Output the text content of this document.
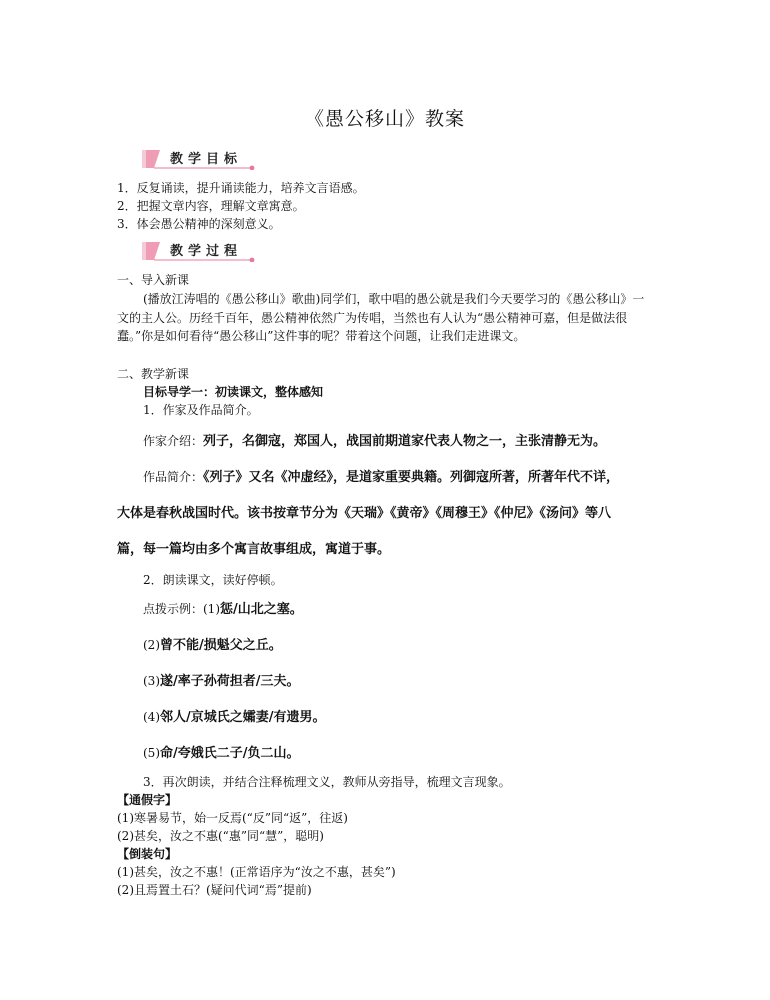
《愚公移山》教案
教学目标
1．反复诵读，提升诵读能力，培养文言语感。
2．把握文章内容，理解文章寓意。
3．体会愚公精神的深刻意义。
教学过程
一、导入新课
(播放江涛唱的《愚公移山》歌曲)同学们，歌中唱的愚公就是我们今天要学习的《愚公移山》一文的主人公。历经千百年，愚公精神依然广为传唱，当然也有人认为“愚公精神可嘉，但是做法很蠢。”你是如何看待“愚公移山”这件事的呢？带着这个问题，让我们走进课文。
二、教学新课
目标导学一：初读课文，整体感知
1．作家及作品简介。
作家介绍：列子，名御寇，郑国人，战国前期道家代表人物之一，主张清静无为。
作品简介：《列子》又名《冲虚经》，是道家重要典籍。列御寇所著，所著年代不详，
大体是春秋战国时代。该书按章节分为《天瑞》《黄帝》《周穆王》《仲尼》《汤问》等八
篇，每一篇均由多个寓言故事组成，寓道于事。
2．朗读课文，读好停顿。
点拨示例：(1)惩/山北之塞。
(2)曾不能/损魁父之丘。
(3)遂/率子孙荷担者/三夫。
(4)邻人/京城氏之孀妻/有遗男。
(5)命/夸娥氏二子/负二山。
3．再次朗读，并结合注释梳理文义，教师从旁指导，梳理文言现象。
【通假字】
(1)寒暑易节，始一反焉(“反”同“返”，往返)
(2)甚矣，汝之不惠(“惠”同“慧”，聪明)
【倒装句】
(1)甚矣，汝之不惠！(正常语序为“汝之不惠，甚矣”)
(2)且焉置土石？(疑问代词“焉”提前)
